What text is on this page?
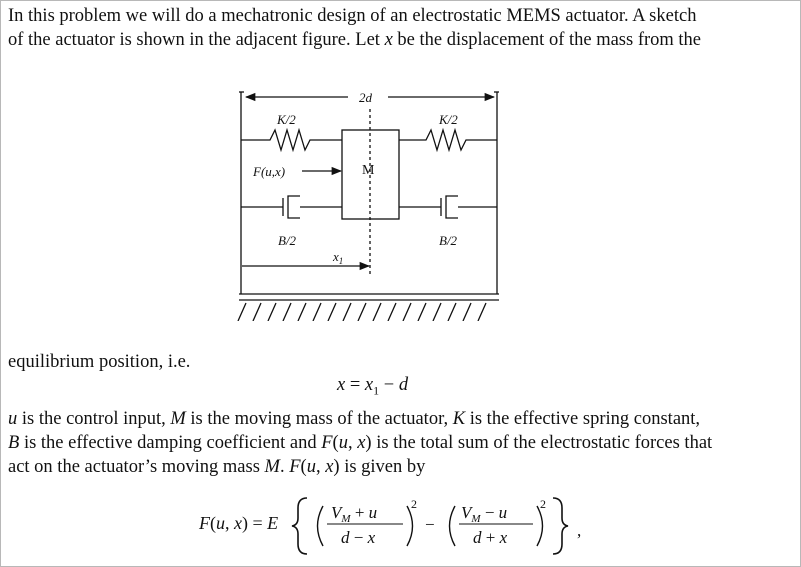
In this problem we will do a mechatronic design of an electrostatic MEMS actuator. A sketch

of the actuator is shown in the adjacent figure. Let x be the displacement of the mass from the

2d
K/2	K/2
F(u,x)
B/2	B/2
$x_1$
M

equilibrium position, i.e.

$x = x_1 - d$

u is the control input, M is the moving mass of the actuator, K is the effective spring constant,

B is the effective damping coefficient and F(u, x) is the total sum of the electrostatic forces that

act on the actuator’s moving mass M. F(u, x) is given by

F(u, x) = E
$V_M + u$
d − x
2
−
$V_M - u$
d + x
2
,
